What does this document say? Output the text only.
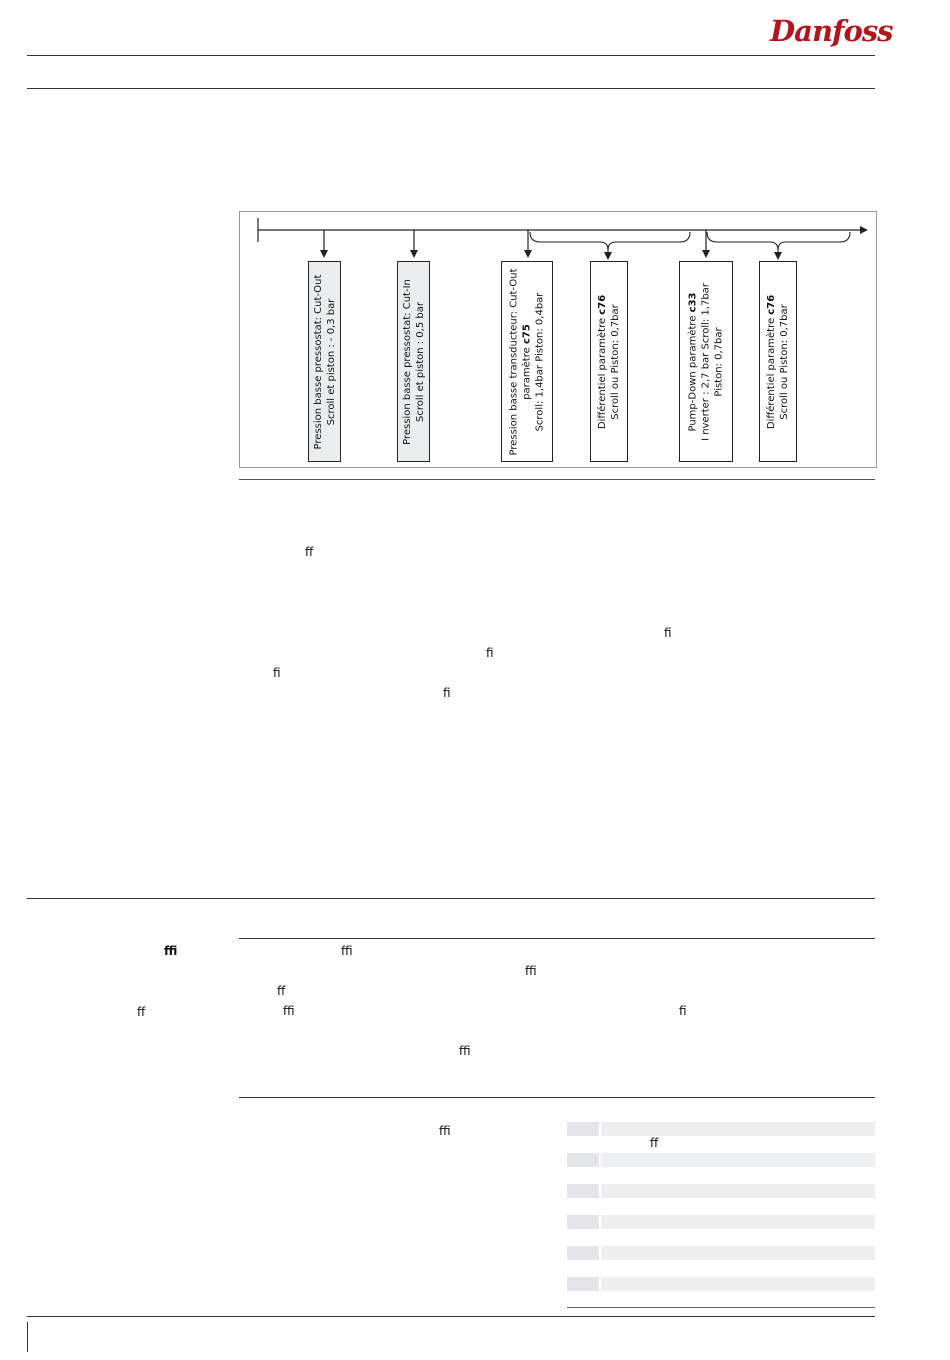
Danfoss
Pression basse pressostat: Cut-Out Scroll et piston : - 0,3 bar	Pression basse pressostat: Cut-In Scroll et piston : 0,5 bar	Pression basse transducteur: Cut-Out paramètre c75 Scroll: 1,4bar Piston: 0,4bar	Différentiel paramètre c76 Scroll ou Piston: 0,7bar	Pump-Down paramètre c33 I nverter : 2,7 bar Scroll: 1,7bar Piston: 0,7bar	Différentiel paramètre c76 Scroll ou Piston: 0,7bar
ﬀ
ﬁ
ﬁ
ﬁ
ﬁ
ﬃ
ﬀ
ﬃ
ﬃ
ﬀ
ﬃ	ﬁ
ﬃ
ﬃ
ﬀ
